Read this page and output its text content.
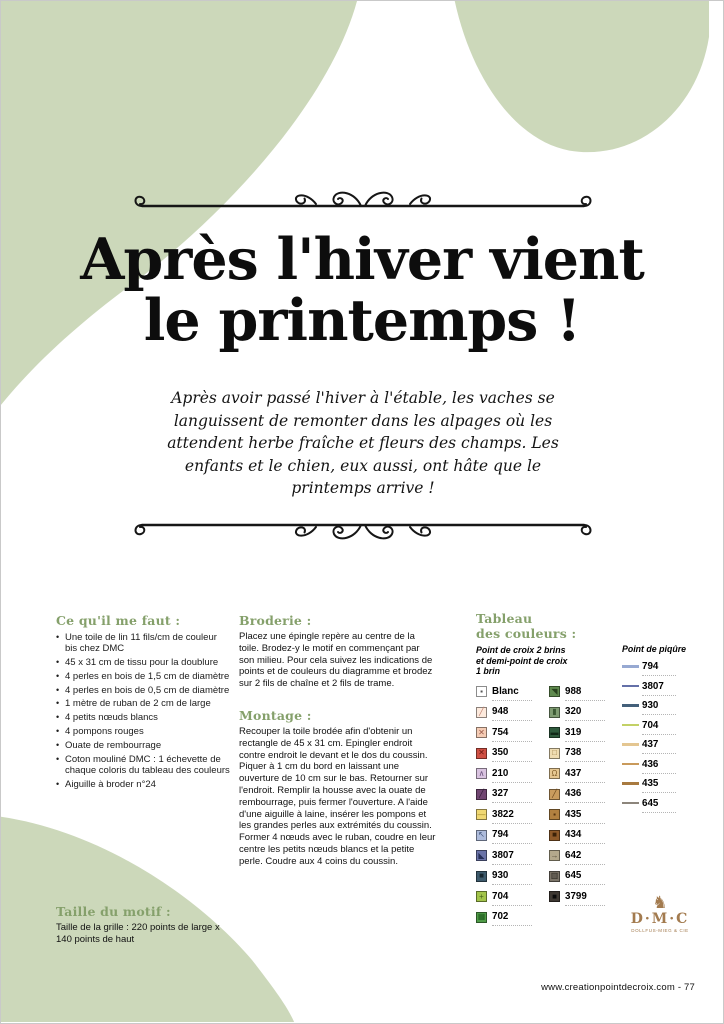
Après l'hiver vient
le printemps !
Après avoir passé l'hiver à l'étable, les vaches se languissent de remonter dans les alpages où les attendent herbe fraîche et fleurs des champs. Les enfants et le chien, eux aussi, ont hâte que le printemps arrive !
Ce qu'il me faut :
• Une toile de lin 11 fils/cm de couleur bis chez DMC
• 45 x 31 cm de tissu pour la doublure
• 4 perles en bois de 1,5 cm de diamètre
• 4 perles en bois de 0,5 cm de diamètre
• 1 mètre de ruban de 2 cm de large
• 4 petits nœuds blancs
• 4 pompons rouges
• Ouate de rembourrage
• Coton mouliné DMC : 1 échevette de chaque coloris du tableau des couleurs
• Aiguille à broder n°24
Taille du motif :
Taille de la grille : 220 points de large x 140 points de haut
Broderie :
Placez une épingle repère au centre de la toile. Brodez-y le motif en commençant par son milieu. Pour cela suivez les indications de points et de couleurs du diagramme et brodez sur 2 fils de chaîne et 2 fils de trame.
Montage :
Recouper la toile brodée afin d'obtenir un rectangle de 45 x 31 cm. Epingler endroit contre endroit le devant et le dos du coussin. Piquer à 1 cm du bord en laissant une ouverture de 10 cm sur le bas. Retourner sur l'endroit. Remplir la housse avec la ouate de rembourrage, puis fermer l'ouverture. A l'aide d'une aiguille à laine, insérer les pompons et les grandes perles aux extrémités du coussin. Former 4 nœuds avec le ruban, coudre en leur centre les petits nœuds blancs et la petite perle. Coudre aux 4 coins du coussin.
Tableau
des couleurs :
Point de croix 2 brins
et demi-point de croix
1 brin
▪ Blanc
╱ 948
✕ 754
✕ 350
∧ 210
╱ 327
— 3822
↖ 794
◣ 3807
■ 930
+ 704
▦ 702
◥ 988
▮ 320
▬ 319
□ 738
Ω 437
╱ 436
▪ 435
■ 434
→ 642
▥ 645
■ 3799
Point de piqûre
794
3807
930
704
437
436
435
645
♞
D·M·C
DOLLFUS-MIEG & CIE
www.creationpointdecroix.com - 77
